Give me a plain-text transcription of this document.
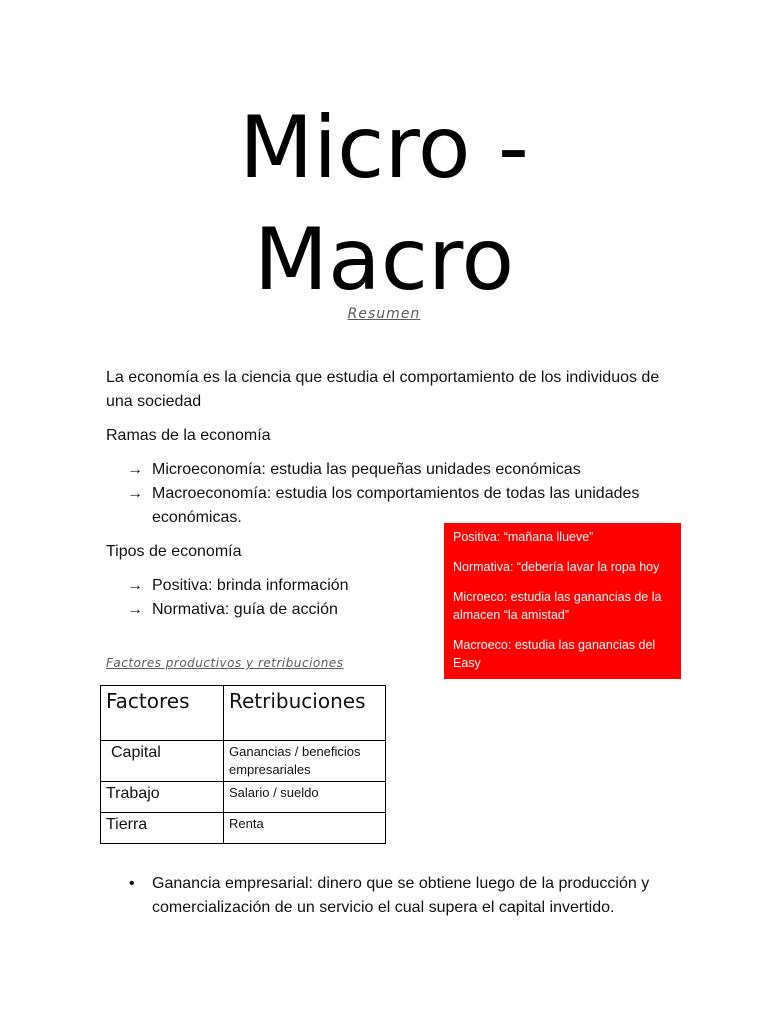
Micro -
Macro
Resumen
La economía es la ciencia que estudia el comportamiento de los individuos de una sociedad
Ramas de la economía
→ Microeconomía: estudia las pequeñas unidades económicas
→ Macroeconomía: estudia los comportamientos de todas las unidades económicas.
Tipos de economía
→ Positiva: brinda información
→ Normativa: guía de acción

Positiva: “mañana llueve”

Normativa: “debería lavar la ropa hoy

Microeco: estudia las ganancias de la almacen “la amistad”

Macroeco: estudia las ganancias del Easy

Factores productivos y retribuciones
Factores	Retribuciones
Capital	Ganancias / beneficios empresariales
Trabajo	Salario / sueldo
Tierra	Renta
• Ganancia empresarial: dinero que se obtiene luego de la producción y comercialización de un servicio el cual supera el capital invertido.
